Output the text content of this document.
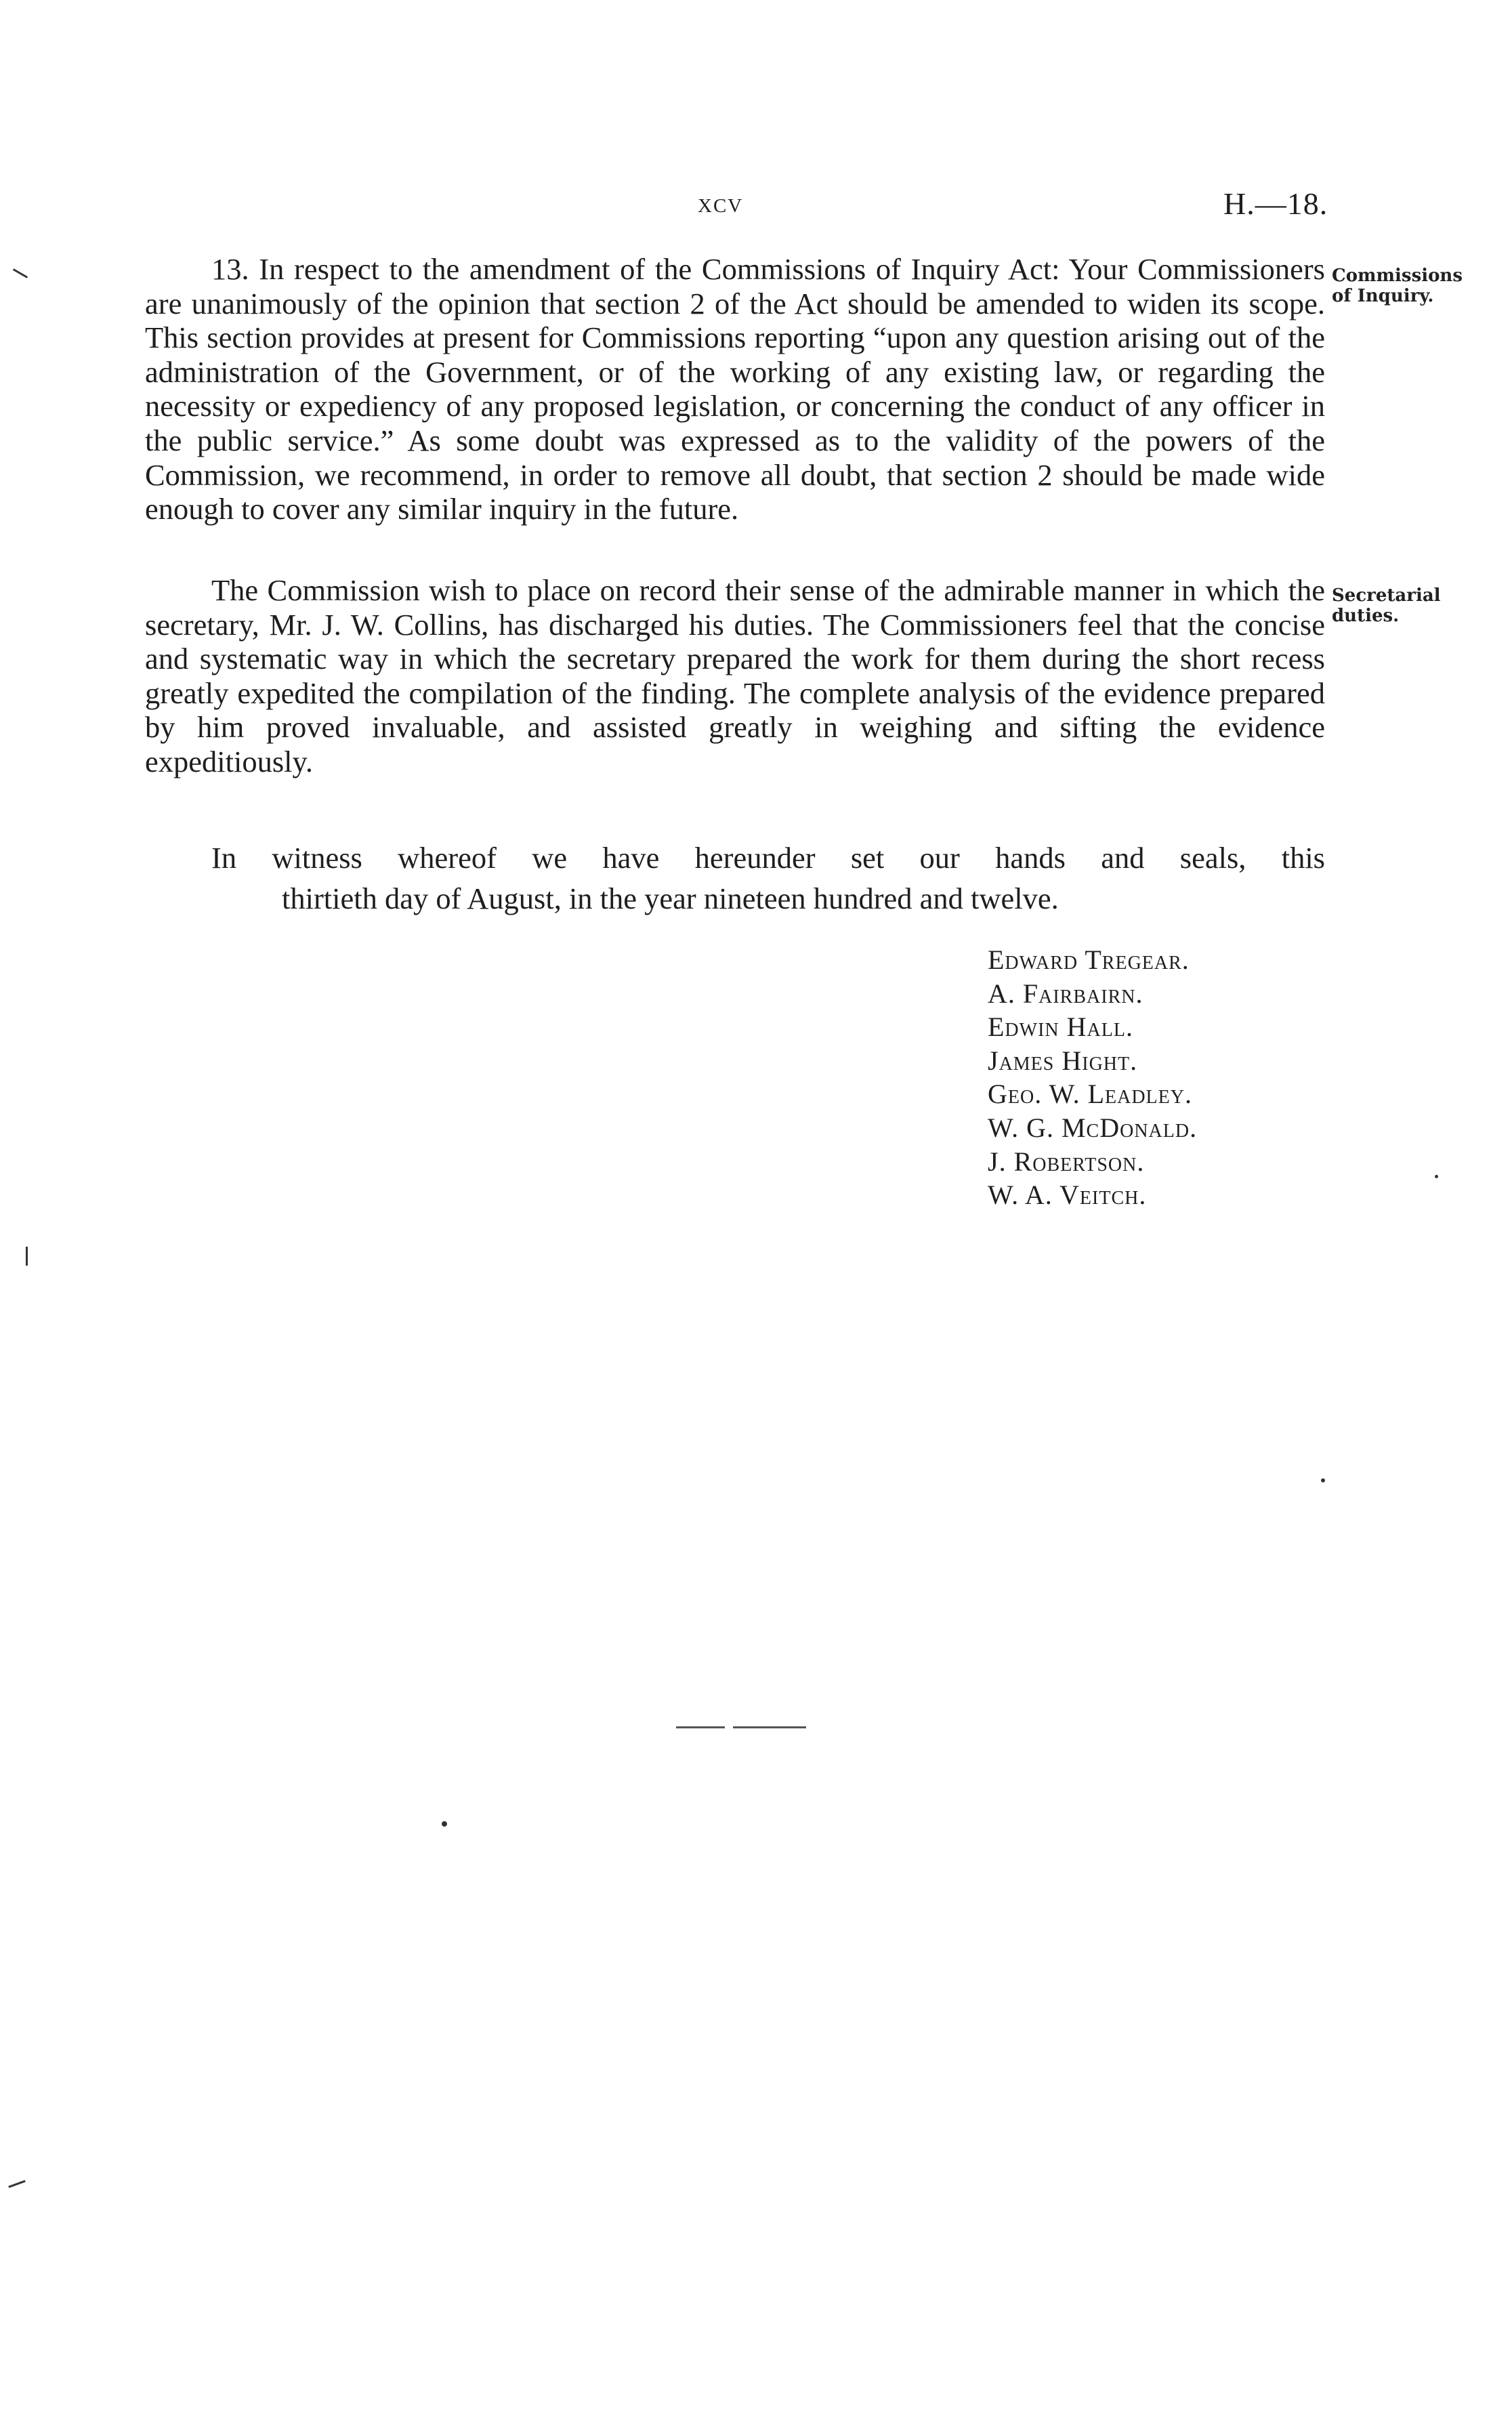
xcv	H.—18.

13. In respect to the amendment of the Commissions of Inquiry Act: Your Commissioners are unanimously of the opinion that section 2 of the Act should be amended to widen its scope. This section provides at present for Commissions reporting “upon any question arising out of the administration of the Government, or of the working of any existing law, or regarding the necessity or expediency of any proposed legislation, or concerning the conduct of any officer in the public service.” As some doubt was expressed as to the validity of the powers of the Commission, we recommend, in order to remove all doubt, that section 2 should be made wide enough to cover any similar inquiry in the future.

Commissions
of Inquiry.

The Commission wish to place on record their sense of the admirable manner in which the secretary, Mr. J. W. Collins, has discharged his duties. The Commissioners feel that the concise and systematic way in which the secretary prepared the work for them during the short recess greatly expedited the compilation of the finding. The complete analysis of the evidence prepared by him proved invaluable, and assisted greatly in weighing and sifting the evidence expeditiously.

Secretarial
duties.

In witness whereof we have hereunder set our hands and seals, this
thirtieth day of August, in the year nineteen hundred and twelve.

Edward Tregear.
A. Fairbairn.
Edwin Hall.
James Hight.
Geo. W. Leadley.
W. G. McDonald.
J. Robertson.
W. A. Veitch.
